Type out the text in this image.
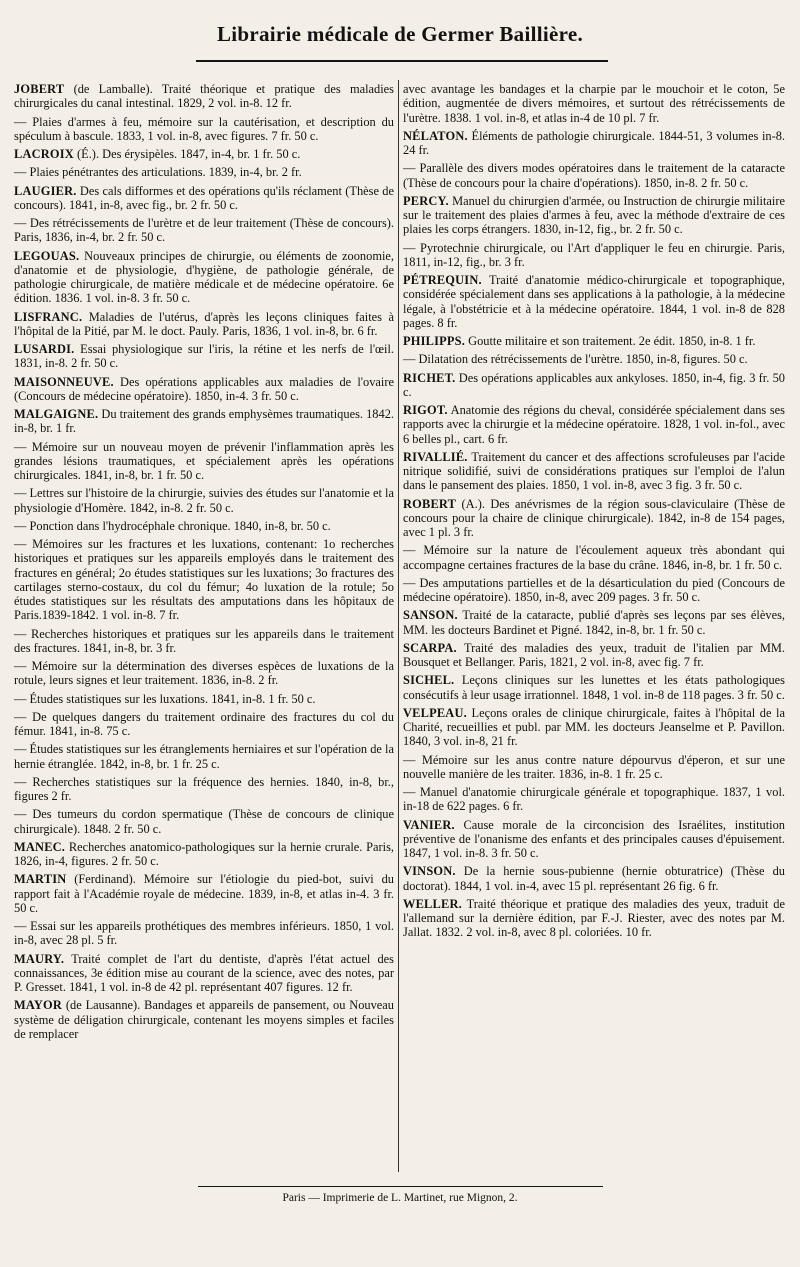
Librairie médicale de Germer Baillière.
JOBERT (de Lamballe). Traité théorique et pratique des maladies chirurgicales du canal intestinal. 1829, 2 vol. in-8. 12 fr.
— Plaies d'armes à feu, mémoire sur la cautérisation, et description du spéculum à bascule. 1833, 1 vol. in-8, avec figures. 7 fr. 50 c.
LACROIX (É.). Des érysipèles. 1847, in-4, br. 1 fr. 50 c.
— Plaies pénétrantes des articulations. 1839, in-4, br. 2 fr.
LAUGIER. Des cals difformes et des opérations qu'ils réclament (Thèse de concours). 1841, in-8, avec fig., br. 2 fr. 50 c.
— Des rétrécissements de l'urètre et de leur traitement (Thèse de concours). Paris, 1836, in-4, br. 2 fr. 50 c.
LEGOUAS. Nouveaux principes de chirurgie, ou éléments de zoonomie, d'anatomie et de physiologie, d'hygiène, de pathologie générale, de pathologie chirurgicale, de matière médicale et de médecine opératoire. 6e édition. 1836. 1 vol. in-8. 3 fr. 50 c.
LISFRANC. Maladies de l'utérus, d'après les leçons cliniques faites à l'hôpital de la Pitié, par M. le doct. Pauly. Paris, 1836, 1 vol. in-8, br. 6 fr.
LUSARDI. Essai physiologique sur l'iris, la rétine et les nerfs de l'œil. 1831, in-8. 2 fr. 50 c.
MAISONNEUVE. Des opérations applicables aux maladies de l'ovaire (Concours de médecine opératoire). 1850, in-4. 3 fr. 50 c.
MALGAIGNE. Du traitement des grands emphysèmes traumatiques. 1842. in-8, br. 1 fr.
— Mémoire sur un nouveau moyen de prévenir l'inflammation après les grandes lésions traumatiques, et spécialement après les opérations chirurgicales. 1841, in-8, br. 1 fr. 50 c.
— Lettres sur l'histoire de la chirurgie, suivies des études sur l'anatomie et la physiologie d'Homère. 1842, in-8. 2 fr. 50 c.
— Ponction dans l'hydrocéphale chronique. 1840, in-8, br. 50 c.
— Mémoires sur les fractures et les luxations, contenant: 1o recherches historiques et pratiques sur les appareils employés dans le traitement des fractures en général; 2o études statistiques sur les luxations; 3o fractures des cartilages sterno-costaux, du col du fémur; 4o luxation de la rotule; 5o études statistiques sur les résultats des amputations dans les hôpitaux de Paris.1839-1842. 1 vol. in-8. 7 fr.
— Recherches historiques et pratiques sur les appareils dans le traitement des fractures. 1841, in-8, br. 3 fr.
— Mémoire sur la détermination des diverses espèces de luxations de la rotule, leurs signes et leur traitement. 1836, in-8. 2 fr.
— Études statistiques sur les luxations. 1841, in-8. 1 fr. 50 c.
— De quelques dangers du traitement ordinaire des fractures du col du fémur. 1841, in-8. 75 c.
— Études statistiques sur les étranglements herniaires et sur l'opération de la hernie étranglée. 1842, in-8, br. 1 fr. 25 c.
— Recherches statistiques sur la fréquence des hernies. 1840, in-8, br., figures 2 fr.
— Des tumeurs du cordon spermatique (Thèse de concours de clinique chirurgicale). 1848. 2 fr. 50 c.
MANEC. Recherches anatomico-pathologiques sur la hernie crurale. Paris, 1826, in-4, figures. 2 fr. 50 c.
MARTIN (Ferdinand). Mémoire sur l'étiologie du pied-bot, suivi du rapport fait à l'Académie royale de médecine. 1839, in-8, et atlas in-4. 3 fr. 50 c.
— Essai sur les appareils prothétiques des membres inférieurs. 1850, 1 vol. in-8, avec 28 pl. 5 fr.
MAURY. Traité complet de l'art du dentiste, d'après l'état actuel des connaissances, 3e édition mise au courant de la science, avec des notes, par P. Gresset. 1841, 1 vol. in-8 de 42 pl. représentant 407 figures. 12 fr.
MAYOR (de Lausanne). Bandages et appareils de pansement, ou Nouveau système de déligation chirurgicale, contenant les moyens simples et faciles de remplacer
avec avantage les bandages et la charpie par le mouchoir et le coton, 5e édition, augmentée de divers mémoires, et surtout des rétrécissements de l'urètre. 1838. 1 vol. in-8, et atlas in-4 de 10 pl. 7 fr.
NÉLATON. Éléments de pathologie chirurgicale. 1844-51, 3 volumes in-8. 24 fr.
— Parallèle des divers modes opératoires dans le traitement de la cataracte (Thèse de concours pour la chaire d'opérations). 1850, in-8. 2 fr. 50 c.
PERCY. Manuel du chirurgien d'armée, ou Instruction de chirurgie militaire sur le traitement des plaies d'armes à feu, avec la méthode d'extraire de ces plaies les corps étrangers. 1830, in-12, fig., br. 2 fr. 50 c.
— Pyrotechnie chirurgicale, ou l'Art d'appliquer le feu en chirurgie. Paris, 1811, in-12, fig., br. 3 fr.
PÉTREQUIN. Traité d'anatomie médico-chirurgicale et topographique, considérée spécialement dans ses applications à la pathologie, à la médecine légale, à l'obstétricie et à la médecine opératoire. 1844, 1 vol. in-8 de 828 pages. 8 fr.
PHILIPPS. Goutte militaire et son traitement. 2e édit. 1850, in-8. 1 fr.
— Dilatation des rétrécissements de l'urètre. 1850, in-8, figures. 50 c.
RICHET. Des opérations applicables aux ankyloses. 1850, in-4, fig. 3 fr. 50 c.
RIGOT. Anatomie des régions du cheval, considérée spécialement dans ses rapports avec la chirurgie et la médecine opératoire. 1828, 1 vol. in-fol., avec 6 belles pl., cart. 6 fr.
RIVALLIÉ. Traitement du cancer et des affections scrofuleuses par l'acide nitrique solidifié, suivi de considérations pratiques sur l'emploi de l'alun dans le pansement des plaies. 1850, 1 vol. in-8, avec 3 fig. 3 fr. 50 c.
ROBERT (A.). Des anévrismes de la région sous-claviculaire (Thèse de concours pour la chaire de clinique chirurgicale). 1842, in-8 de 154 pages, avec 1 pl. 3 fr.
— Mémoire sur la nature de l'écoulement aqueux très abondant qui accompagne certaines fractures de la base du crâne. 1846, in-8, br. 1 fr. 50 c.
— Des amputations partielles et de la désarticulation du pied (Concours de médecine opératoire). 1850, in-8, avec 209 pages. 3 fr. 50 c.
SANSON. Traité de la cataracte, publié d'après ses leçons par ses élèves, MM. les docteurs Bardinet et Pigné. 1842, in-8, br. 1 fr. 50 c.
SCARPA. Traité des maladies des yeux, traduit de l'italien par MM. Bousquet et Bellanger. Paris, 1821, 2 vol. in-8, avec fig. 7 fr.
SICHEL. Leçons cliniques sur les lunettes et les états pathologiques consécutifs à leur usage irrationnel. 1848, 1 vol. in-8 de 118 pages. 3 fr. 50 c.
VELPEAU. Leçons orales de clinique chirurgicale, faites à l'hôpital de la Charité, recueillies et publ. par MM. les docteurs Jeanselme et P. Pavillon. 1840, 3 vol. in-8, 21 fr.
— Mémoire sur les anus contre nature dépourvus d'éperon, et sur une nouvelle manière de les traiter. 1836, in-8. 1 fr. 25 c.
— Manuel d'anatomie chirurgicale générale et topographique. 1837, 1 vol. in-18 de 622 pages. 6 fr.
VANIER. Cause morale de la circoncision des Israélites, institution préventive de l'onanisme des enfants et des principales causes d'épuisement. 1847, 1 vol. in-8. 3 fr. 50 c.
VINSON. De la hernie sous-pubienne (hernie obturatrice) (Thèse du doctorat). 1844, 1 vol. in-4, avec 15 pl. représentant 26 fig. 6 fr.
WELLER. Traité théorique et pratique des maladies des yeux, traduit de l'allemand sur la dernière édition, par F.-J. Riester, avec des notes par M. Jallat. 1832. 2 vol. in-8, avec 8 pl. coloriées. 10 fr.
Paris — Imprimerie de L. Martinet, rue Mignon, 2.
